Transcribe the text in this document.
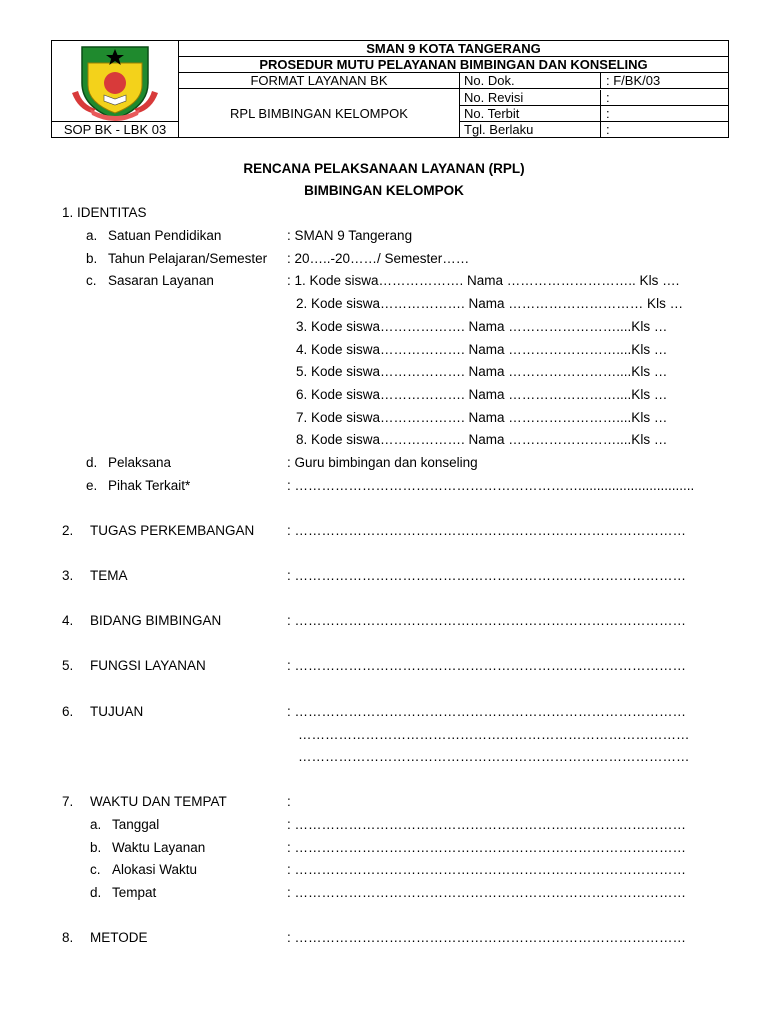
SOP BK - LBK 03	SMAN 9 KOTA TANGERANG	
	PROSEDUR MUTU PELAYANAN BIMBINGAN DAN KONSELING	
	FORMAT LAYANAN BK	No. Dok. : F/BK/03
	RPL BIMBINGAN KELOMPOK	No. Revisi :
		No. Terbit :
		Tgl. Berlaku :
RENCANA PELAKSANAAN LAYANAN (RPL)
BIMBINGAN KELOMPOK
1. IDENTITAS
a. Satuan Pendidikan	: SMAN 9 Tangerang
b. Tahun Pelajaran/Semester : 20…..-20……/ Semester……
c. Sasaran Layanan	: 1. Kode siswa………………. Nama ……………………….. Kls ….
2. Kode siswa………………. Nama ………………………… Kls …
3. Kode siswa………………. Nama ……………………....Kls …
4. Kode siswa………………. Nama ……………………....Kls …
5. Kode siswa………………. Nama ……………………....Kls …
6. Kode siswa………………. Nama ……………………....Kls …
7. Kode siswa………………. Nama ……………………....Kls …
8. Kode siswa………………. Nama ……………………....Kls …
d. Pelaksana	: Guru bimbingan dan konseling
e. Pihak Terkait*	: ………………………………………………………...............................
2. TUGAS PERKEMBANGAN : ……………………………………………………………………………
3. TEMA	: ……………………………………………………………………………
4. BIDANG BIMBINGAN	: ……………………………………………………………………………
5. FUNGSI LAYANAN	: ……………………………………………………………………………
6. TUJUAN	: ……………………………………………………………………………
……………………………………………………………………………
……………………………………………………………………………
7. WAKTU DAN TEMPAT	:
a. Tanggal	: ……………………………………………………………………………
b. Waktu Layanan	: ……………………………………………………………………………
c. Alokasi Waktu	: ……………………………………………………………………………
d. Tempat	: ……………………………………………………………………………
8. METODE	: ……………………………………………………………………………
